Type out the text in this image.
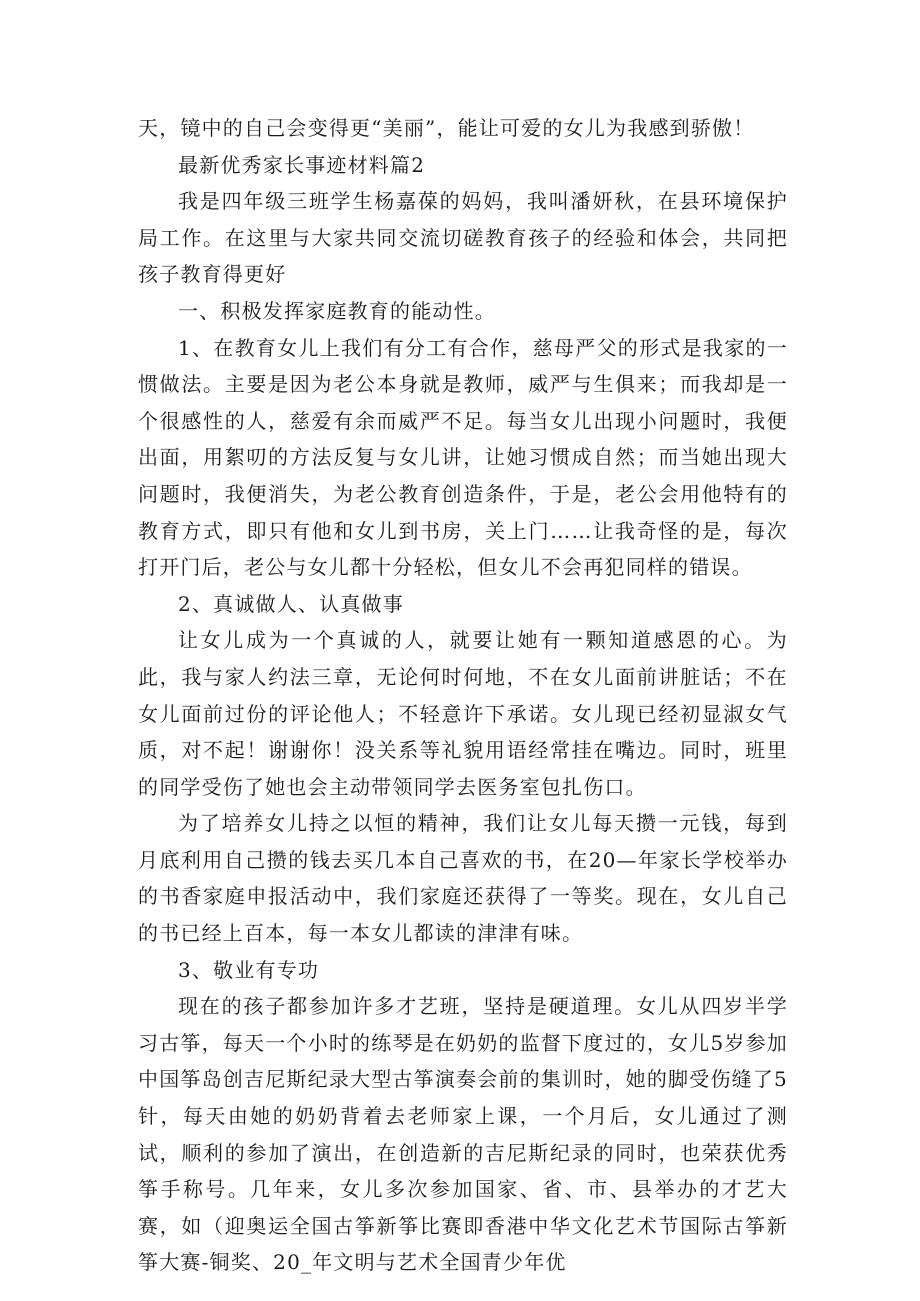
天，镜中的自己会变得更“美丽”，能让可爱的女儿为我感到骄傲！

最新优秀家长事迹材料篇2

我是四年级三班学生杨嘉葆的妈妈，我叫潘妍秋，在县环境保护局工作。在这里与大家共同交流切磋教育孩子的经验和体会，共同把孩子教育得更好

一、积极发挥家庭教育的能动性。

1、在教育女儿上我们有分工有合作，慈母严父的形式是我家的一惯做法。主要是因为老公本身就是教师，威严与生俱来；而我却是一个很感性的人，慈爱有余而威严不足。每当女儿出现小问题时，我便出面，用絮叨的方法反复与女儿讲，让她习惯成自然；而当她出现大问题时，我便消失，为老公教育创造条件，于是，老公会用他特有的教育方式，即只有他和女儿到书房，关上门……让我奇怪的是，每次打开门后，老公与女儿都十分轻松，但女儿不会再犯同样的错误。

2、真诚做人、认真做事

让女儿成为一个真诚的人，就要让她有一颗知道感恩的心。为此，我与家人约法三章，无论何时何地，不在女儿面前讲脏话；不在女儿面前过份的评论他人；不轻意许下承诺。女儿现已经初显淑女气质，对不起！谢谢你！没关系等礼貌用语经常挂在嘴边。同时，班里的同学受伤了她也会主动带领同学去医务室包扎伤口。

为了培养女儿持之以恒的精神，我们让女儿每天攒一元钱，每到月底利用自己攒的钱去买几本自己喜欢的书，在20—年家长学校举办的书香家庭申报活动中，我们家庭还获得了一等奖。现在，女儿自己的书已经上百本，每一本女儿都读的津津有味。

3、敬业有专功

现在的孩子都参加许多才艺班，坚持是硬道理。女儿从四岁半学习古筝，每天一个小时的练琴是在奶奶的监督下度过的，女儿5岁参加中国筝岛创吉尼斯纪录大型古筝演奏会前的集训时，她的脚受伤缝了5针，每天由她的奶奶背着去老师家上课，一个月后，女儿通过了测试，顺利的参加了演出，在创造新的吉尼斯纪录的同时，也荣获优秀筝手称号。几年来，女儿多次参加国家、省、市、县举办的才艺大赛，如（迎奥运全国古筝新筝比赛即香港中华文化艺术节国际古筝新筝大赛-铜奖、20_年文明与艺术全国青少年优
